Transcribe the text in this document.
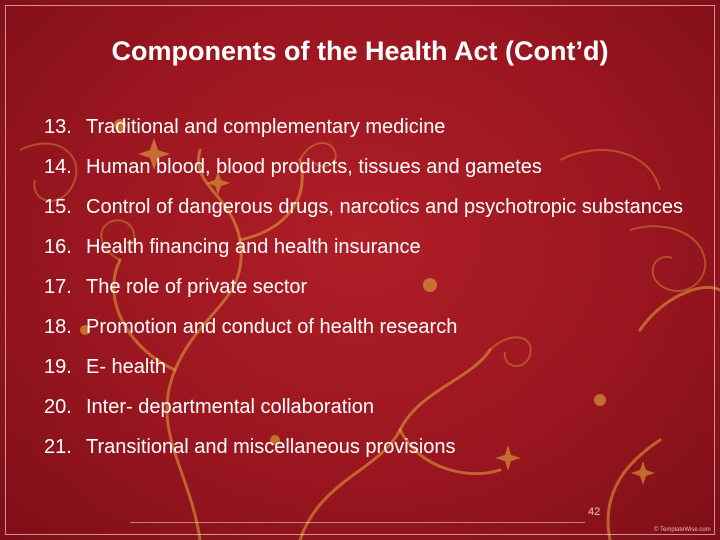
Components of the Health Act (Cont’d)
13. Traditional and complementary medicine
14. Human blood, blood products, tissues and gametes
15. Control of dangerous drugs, narcotics and psychotropic substances
16. Health financing and health insurance
17. The role of private sector
18. Promotion and conduct of health research
19. E- health
20. Inter- departmental collaboration
21. Transitional and miscellaneous provisions
42
© TemplateWise.com
